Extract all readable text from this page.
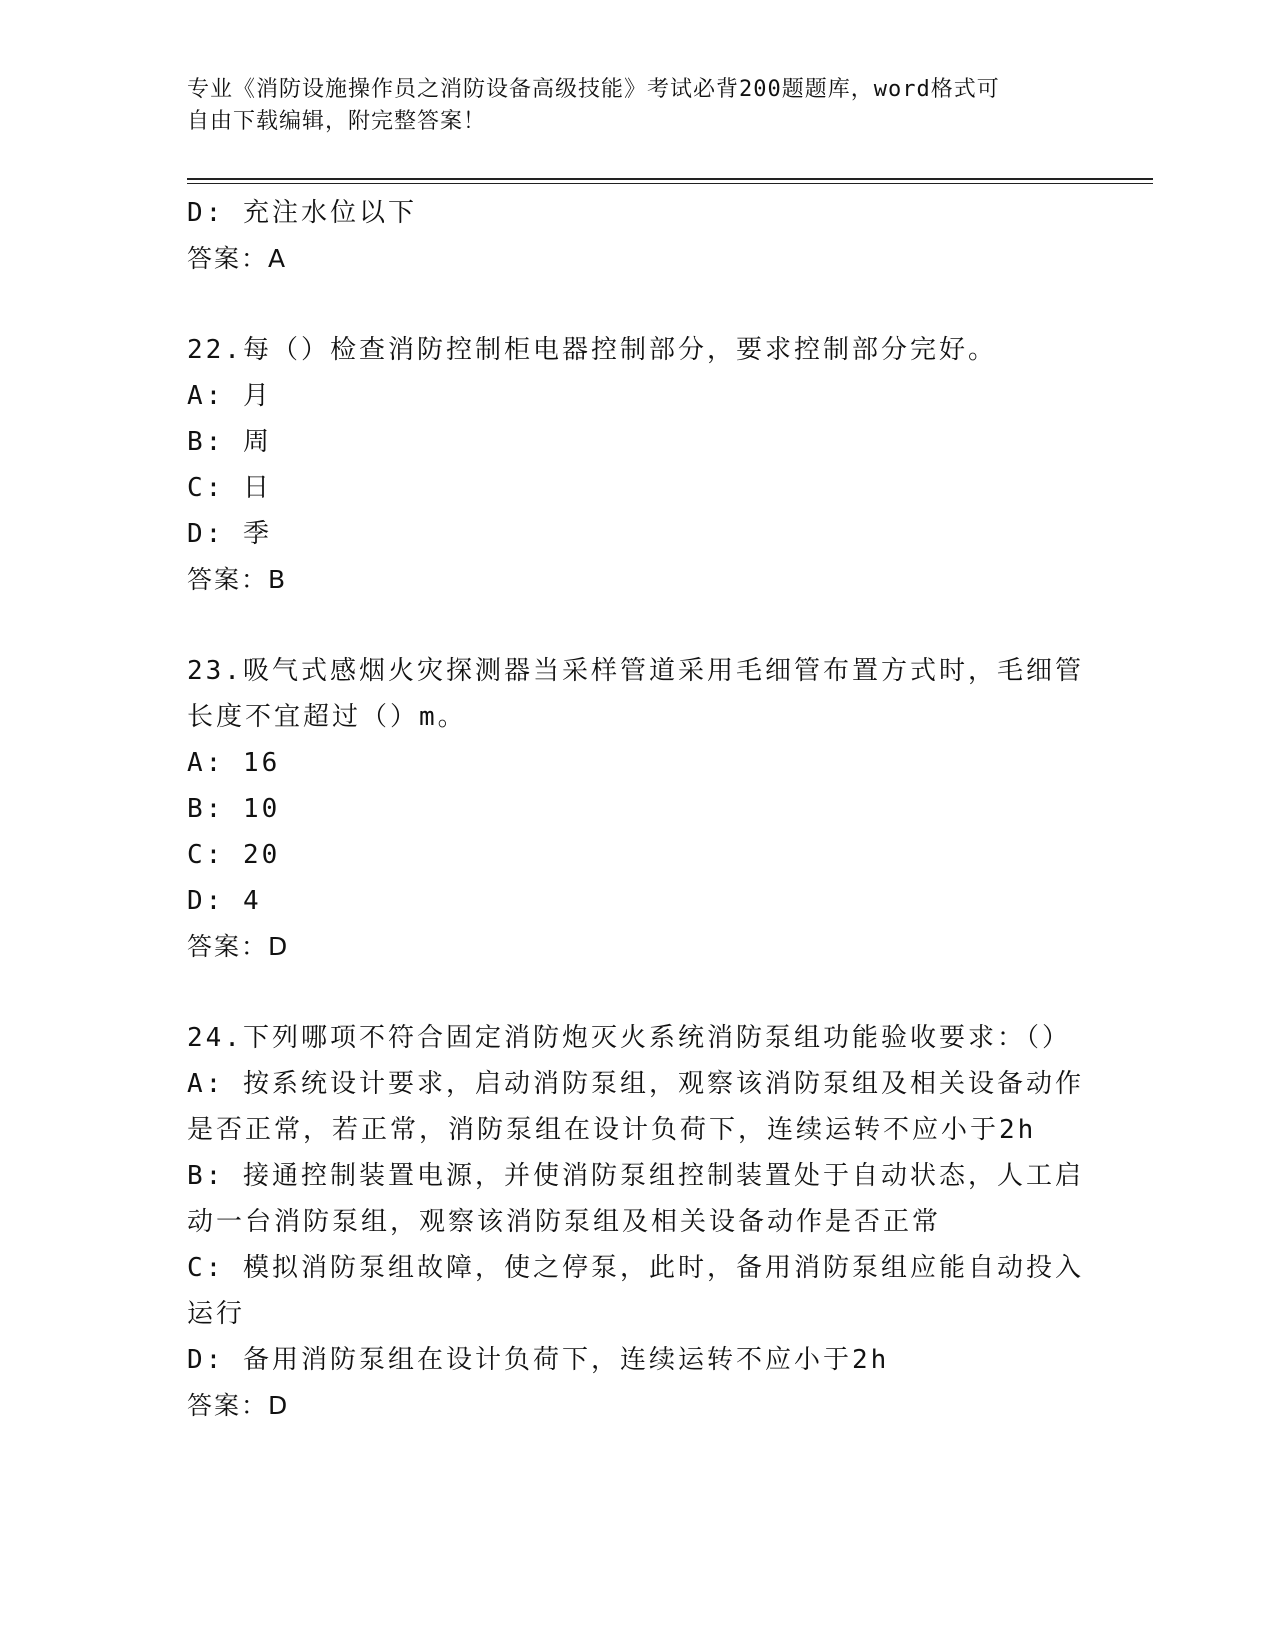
专业《消防设施操作员之消防设备高级技能》考试必背200题题库，word格式可
自由下载编辑，附完整答案！
D: 充注水位以下
答案：A
22.每（）检查消防控制柜电器控制部分，要求控制部分完好。
A: 月
B: 周
C: 日
D: 季
答案：B
23.吸气式感烟火灾探测器当采样管道采用毛细管布置方式时，毛细管
长度不宜超过（）m。
A: 16
B: 10
C: 20
D: 4
答案：D
24.下列哪项不符合固定消防炮灭火系统消防泵组功能验收要求：（）
A: 按系统设计要求，启动消防泵组，观察该消防泵组及相关设备动作
是否正常，若正常，消防泵组在设计负荷下，连续运转不应小于2h
B: 接通控制装置电源，并使消防泵组控制装置处于自动状态，人工启
动一台消防泵组，观察该消防泵组及相关设备动作是否正常
C: 模拟消防泵组故障，使之停泵，此时，备用消防泵组应能自动投入
运行
D: 备用消防泵组在设计负荷下，连续运转不应小于2h
答案：D
